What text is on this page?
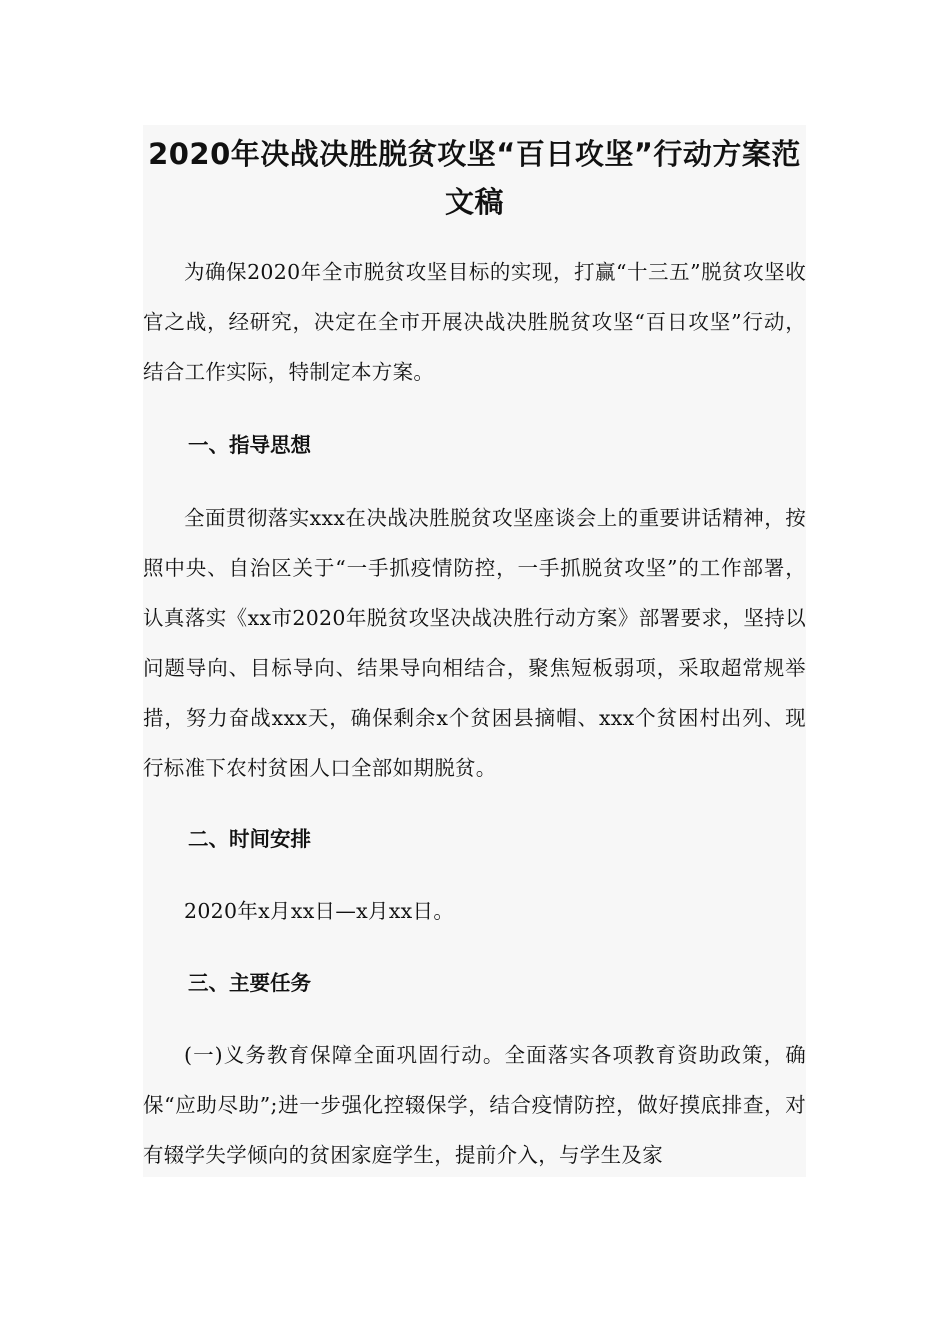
2020年决战决胜脱贫攻坚“百日攻坚”行动方案范文稿

为确保2020年全市脱贫攻坚目标的实现，打赢“十三五”脱贫攻坚收官之战，经研究，决定在全市开展决战决胜脱贫攻坚“百日攻坚”行动，结合工作实际，特制定本方案。

一、指导思想

全面贯彻落实xxx在决战决胜脱贫攻坚座谈会上的重要讲话精神，按照中央、自治区关于“一手抓疫情防控，一手抓脱贫攻坚”的工作部署，认真落实《xx市2020年脱贫攻坚决战决胜行动方案》部署要求，坚持以问题导向、目标导向、结果导向相结合，聚焦短板弱项，采取超常规举措，努力奋战xxx天，确保剩余x个贫困县摘帽、xxx个贫困村出列、现行标准下农村贫困人口全部如期脱贫。

二、时间安排

2020年x月xx日—x月xx日。

三、主要任务

(一)义务教育保障全面巩固行动。全面落实各项教育资助政策，确保“应助尽助”;进一步强化控辍保学，结合疫情防控，做好摸底排查，对有辍学失学倾向的贫困家庭学生，提前介入，与学生及家
